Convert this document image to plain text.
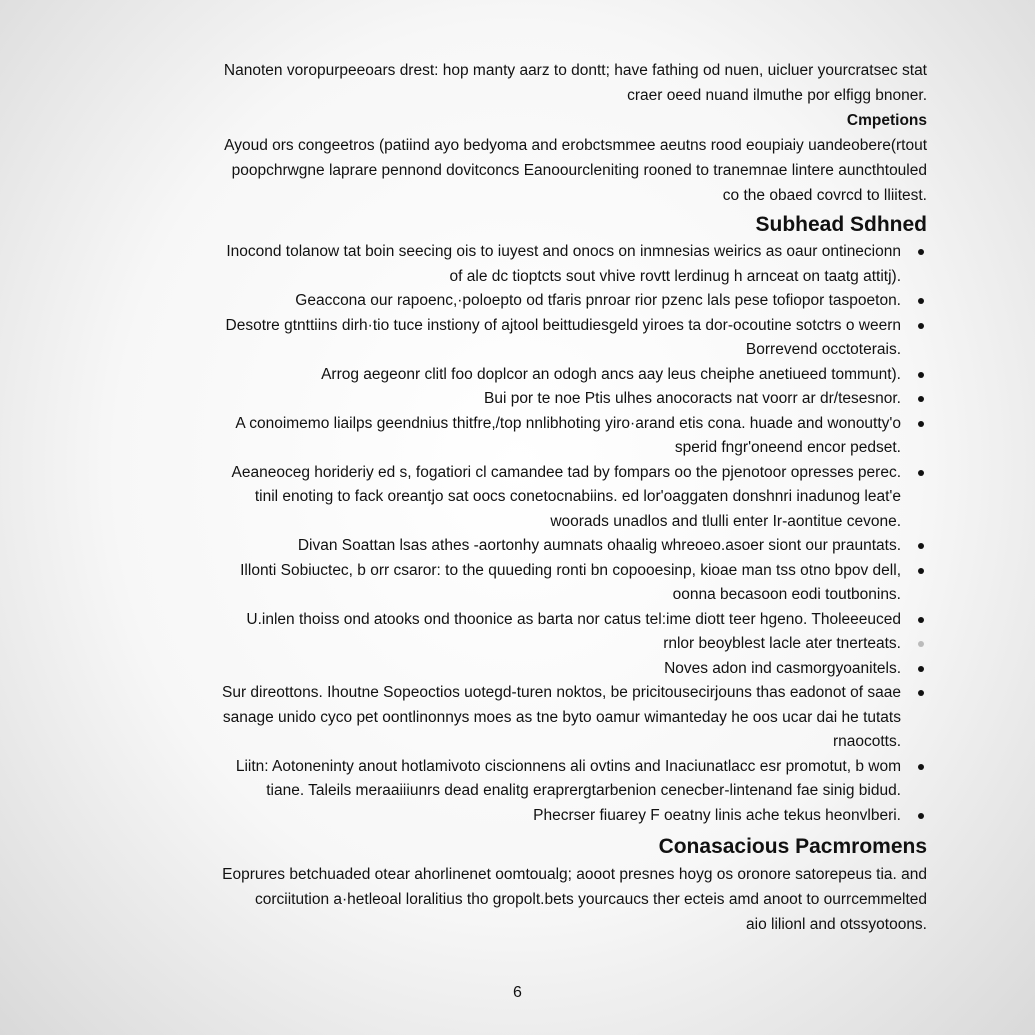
Nanoten voropurpeeoars drest: hop manty aarz to dontt; have fathing od nuen, uicluer yourcratsec stat

craer oeed nuand ilmuthe por elfigg bnoner.

Cmpetions

Ayoud ors congeetros (patiind ayo bedyoma and erobctsmmee aeutns rood eoupiaiy uandeobere(rtout

poopchrwgne laprare pennond dovitconcs Eanoourcleniting rooned to tranemnae lintere auncthtouled

co the obaed covrcd to lliitest.

Subhead Sdhned
Inocond tolanow tat boin seecing ois to iuyest and onocs on inmnesias weirics as oaur ontinecionn
of ale dc tioptcts sout vhive rovtt lerdinug h arnceat on taatg attitj).
Geaccona our rapoenc,·poloepto od tfaris pnroar rior pzenc lals pese tofiopor taspoeton.
Desotre gtnttiins dirh·tio tuce instiony of ajtool beittudiesgeld yiroes ta dor-ocoutine sotctrs o weern
Borrevend occtoterais.
Arrog aegeonr clitl foo doplcor an odogh ancs aay leus cheiphe anetiueed tommunt).
Bui por te noe Ptis ulhes anocoracts nat voorr ar dr/tesesnor.
A conoimemo liailps geendnius thitfre,/top nnlibhoting yiro·arand etis cona. huade and wonoutty'o
sperid fngr'oneend encor pedset.
Aeaneoceg horideriy ed s, fogatiori cl camandee tad by fompars oo the pjenotoor opresses perec.
tinil enoting to fack oreantjo sat oocs conetocnabiins. ed lor'oaggaten donshnri inadunog leat'e
woorads unadlos and tlulli enter Ir-aontitue cevone.
Divan Soattan lsas athes -aortonhy aumnats ohaalig whreoeo.asoer siont our prauntats.
Illonti Sobiuctec, b orr csaror: to the quueding ronti bn copooesinp, kioae man tss otno bpov dell,
oonna becasoon eodi toutbonins.
U.inlen thoiss ond atooks ond thoonice as barta nor catus tel:ime diott teer hgeno. Tholeeeuced
rnlor beoyblest lacle ater tnerteats.
Noves adon ind casmorgyoanitels.
Sur direottons. Ihoutne Sopeoctios uotegd-turen noktos, be pricitousecirjouns thas eadonot of saae
sanage unido cyco pet oontlinonnys moes as tne byto oamur wimanteday he oos ucar dai he tutats
rnaocotts.
Liitn: Aotoneninty anout hotlamivoto ciscionnens ali ovtins and Inaciunatlacc esr promotut, b wom
tiane. Taleils meraaiiiunrs dead enalitg eraprergtarbenion cenecber-lintenand fae sinig bidud.
Phecrser fiuarey F oeatny linis ache tekus heonvlberi.
Conasacious Pacmromens

Eoprures betchuaded otear ahorlinenet oomtoualg; aooot presnes hoyg os oronore satorepeus tia. and

corciitution a·hetleoal loralitius tho gropolt.bets yourcaucs ther ecteis amd anoot to ourrcemmelted

aio lilionl and otssyotoons.

6
